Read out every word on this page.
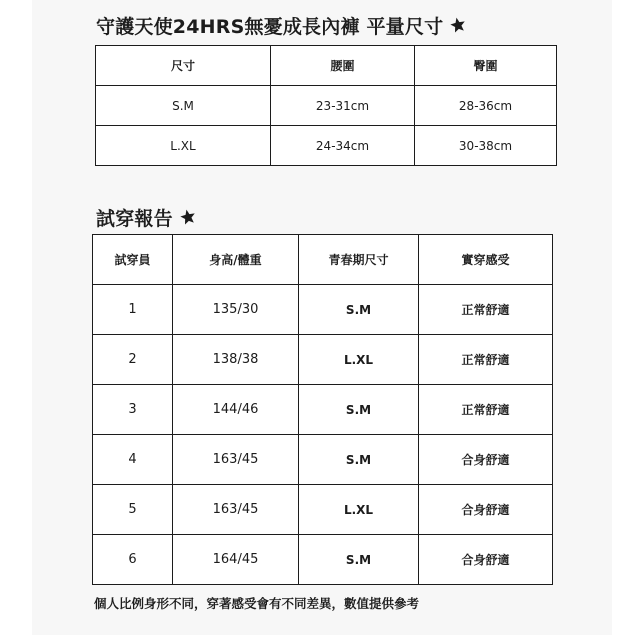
守護天使24HRS無憂成長內褲 平量尺寸
尺寸	腰圍	臀圍
S.M	23-31cm	28-36cm
L.XL	24-34cm	30-38cm
試穿報告
試穿員	身高/體重	青春期尺寸	實穿感受
1	135/30	S.M	正常舒適
2	138/38	L.XL	正常舒適
3	144/46	S.M	正常舒適
4	163/45	S.M	合身舒適
5	163/45	L.XL	合身舒適
6	164/45	S.M	合身舒適
個人比例身形不同，穿著感受會有不同差異，數值提供參考
